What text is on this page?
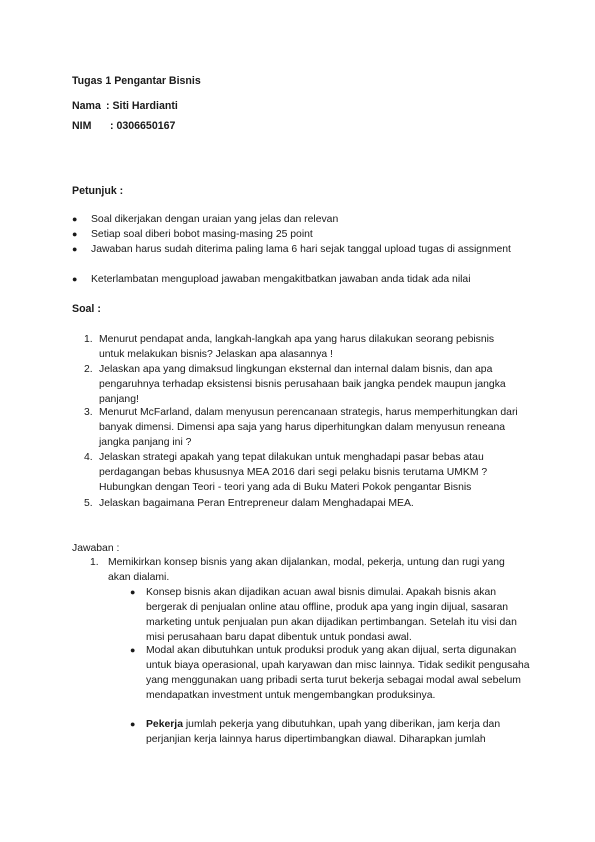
Tugas 1 Pengantar Bisnis
Nama : Siti Hardianti
NIM : 0306650167
Petunjuk :
● Soal dikerjakan dengan uraian yang jelas dan relevan
● Setiap soal diberi bobot masing-masing 25 point
● Jawaban harus sudah diterima paling lama 6 hari sejak tanggal upload tugas di assignment
● Keterlambatan mengupload jawaban mengakitbatkan jawaban anda tidak ada nilai
Soal :
1. Menurut pendapat anda, langkah-langkah apa yang harus dilakukan seorang pebisnis untuk melakukan bisnis? Jelaskan apa alasannya !
2. Jelaskan apa yang dimaksud lingkungan eksternal dan internal dalam bisnis, dan apa pengaruhnya terhadap eksistensi bisnis perusahaan baik jangka pendek maupun jangka panjang!
3. Menurut McFarland, dalam menyusun perencanaan strategis, harus memperhitungkan dari banyak dimensi. Dimensi apa saja yang harus diperhitungkan dalam menyusun reneana jangka panjang ini ?
4. Jelaskan strategi apakah yang tepat dilakukan untuk menghadapi pasar bebas atau perdagangan bebas khususnya MEA 2016 dari segi pelaku bisnis terutama UMKM ? Hubungkan dengan Teori - teori yang ada di Buku Materi Pokok pengantar Bisnis
5. Jelaskan bagaimana Peran Entrepreneur dalam Menghadapai MEA.
Jawaban :
1. Memikirkan konsep bisnis yang akan dijalankan, modal, pekerja, untung dan rugi yang akan dialami.
● Konsep bisnis akan dijadikan acuan awal bisnis dimulai. Apakah bisnis akan bergerak di penjualan online atau offline, produk apa yang ingin dijual, sasaran marketing untuk penjualan pun akan dijadikan pertimbangan. Setelah itu visi dan misi perusahaan baru dapat dibentuk untuk pondasi awal.
● Modal akan dibutuhkan untuk produksi produk yang akan dijual, serta digunakan untuk biaya operasional, upah karyawan dan misc lainnya. Tidak sedikit pengusaha yang menggunakan uang pribadi serta turut bekerja sebagai modal awal sebelum mendapatkan investment untuk mengembangkan produksinya.
● Pekerja jumlah pekerja yang dibutuhkan, upah yang diberikan, jam kerja dan perjanjian kerja lainnya harus dipertimbangkan diawal. Diharapkan jumlah
